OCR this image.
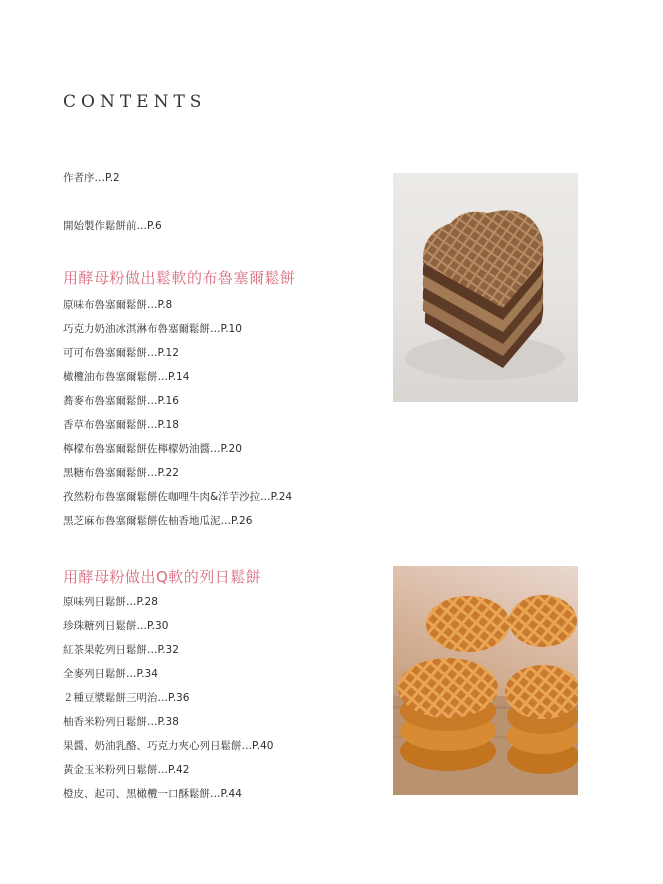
CONTENTS
作者序…P.2
開始製作鬆餅前…P.6
用酵母粉做出鬆軟的布魯塞爾鬆餅
原味布魯塞爾鬆餅…P.8
巧克力奶油冰淇淋布魯塞爾鬆餅…P.10
可可布魯塞爾鬆餅…P.12
橄欖油布魯塞爾鬆餅…P.14
蕎麥布魯塞爾鬆餅…P.16
香草布魯塞爾鬆餅…P.18
檸檬布魯塞爾鬆餅佐檸檬奶油醬…P.20
黑糖布魯塞爾鬆餅…P.22
孜然粉布魯塞爾鬆餅佐咖哩牛肉&洋芋沙拉…P.24
黑芝麻布魯塞爾鬆餅佐柚香地瓜泥…P.26
用酵母粉做出Q軟的列日鬆餅
原味列日鬆餅…P.28
珍珠糖列日鬆餅…P.30
紅茶果乾列日鬆餅…P.32
全麥列日鬆餅…P.34
２種豆漿鬆餅三明治…P.36
柚香米粉列日鬆餅…P.38
果醬、奶油乳酪、巧克力夾心列日鬆餅…P.40
黃金玉米粉列日鬆餅…P.42
橙皮、起司、黑橄欖一口酥鬆餅…P.44
